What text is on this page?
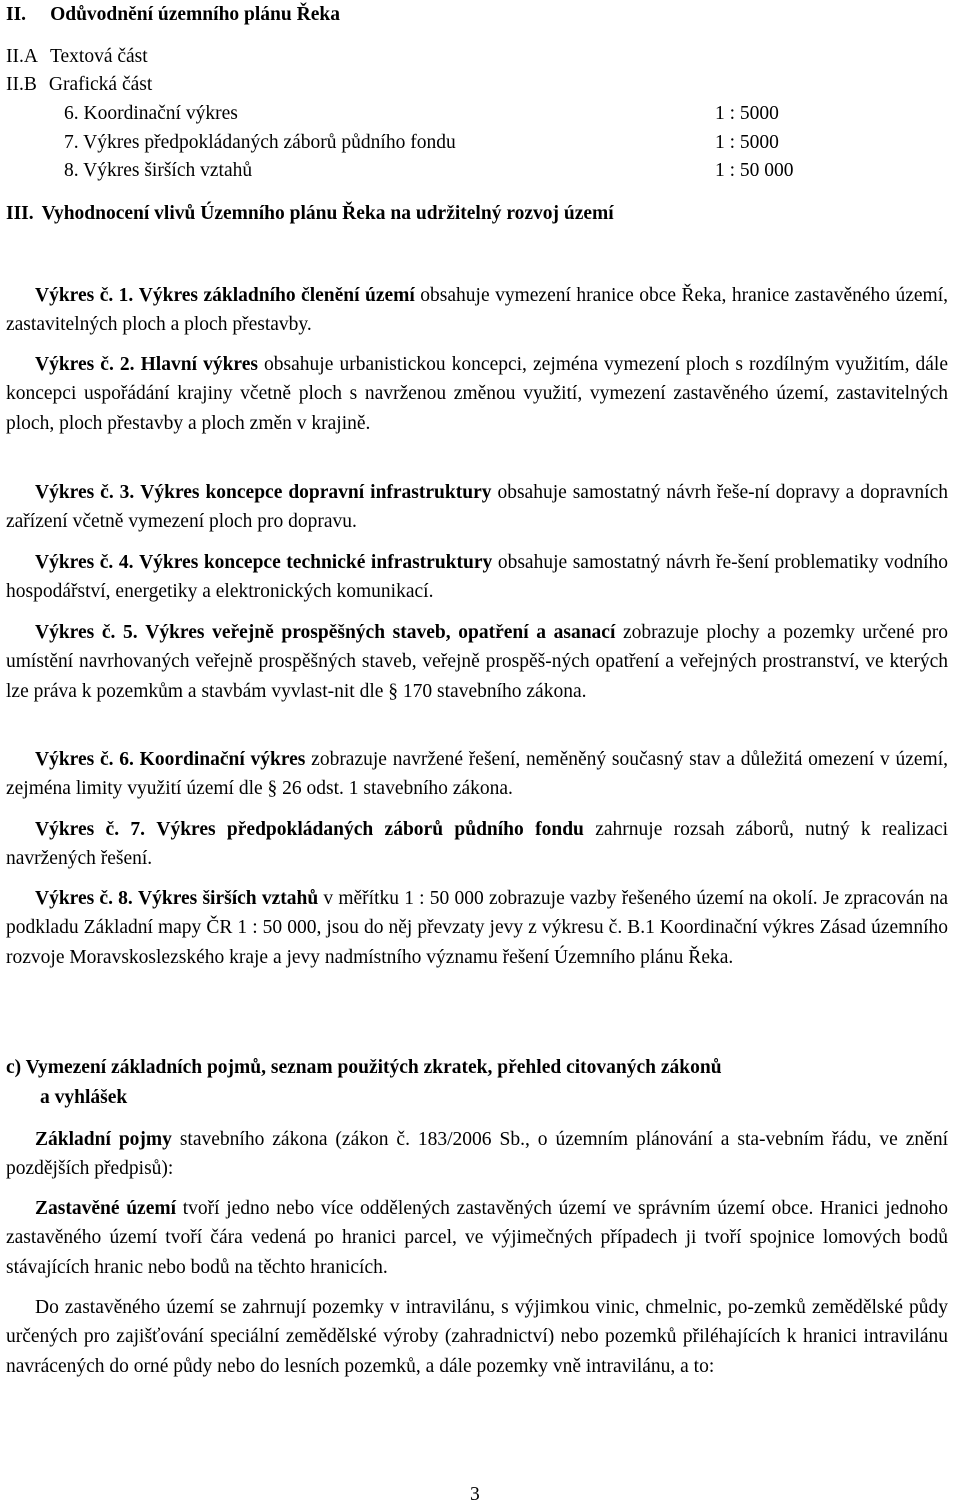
II. Odůvodnění územního plánu Řeka
II.A Textová část
II.B Grafická část
6. Koordinační výkres	1 : 5000
7. Výkres předpokládaných záborů půdního fondu	1 : 5000
8. Výkres širších vztahů	1 : 50 000
III. Vyhodnocení vlivů Územního plánu Řeka na udržitelný rozvoj území
Výkres č. 1. Výkres základního členění území obsahuje vymezení hranice obce Řeka, hranice zastavěného území, zastavitelných ploch a ploch přestavby.
Výkres č. 2. Hlavní výkres obsahuje urbanistickou koncepci, zejména vymezení ploch s rozdílným využitím, dále koncepci uspořádání krajiny včetně ploch s navrženou změnou využití, vymezení zastavěného území, zastavitelných ploch, ploch přestavby a ploch změn v krajině.
Výkres č. 3. Výkres koncepce dopravní infrastruktury obsahuje samostatný návrh řeše-ní dopravy a dopravních zařízení včetně vymezení ploch pro dopravu.
Výkres č. 4. Výkres koncepce technické infrastruktury obsahuje samostatný návrh ře-šení problematiky vodního hospodářství, energetiky a elektronických komunikací.
Výkres č. 5. Výkres veřejně prospěšných staveb, opatření a asanací zobrazuje plochy a pozemky určené pro umístění navrhovaných veřejně prospěšných staveb, veřejně prospěš-ných opatření a veřejných prostranství, ve kterých lze práva k pozemkům a stavbám vyvlast-nit dle § 170 stavebního zákona.
Výkres č. 6. Koordinační výkres zobrazuje navržené řešení, neměněný současný stav a důležitá omezení v území, zejména limity využití území dle § 26 odst. 1 stavebního zákona.
Výkres č. 7. Výkres předpokládaných záborů půdního fondu zahrnuje rozsah záborů, nutný k realizaci navržených řešení.
Výkres č. 8. Výkres širších vztahů v měřítku 1 : 50 000 zobrazuje vazby řešeného území na okolí. Je zpracován na podkladu Základní mapy ČR 1 : 50 000, jsou do něj převzaty jevy z výkresu č. B.1 Koordinační výkres Zásad územního rozvoje Moravskoslezského kraje a jevy nadmístního významu řešení Územního plánu Řeka.
c) Vymezení základních pojmů, seznam použitých zkratek, přehled citovaných zákonů
a vyhlášek
Základní pojmy stavebního zákona (zákon č. 183/2006 Sb., o územním plánování a sta-vebním řádu, ve znění pozdějších předpisů):
Zastavěné území tvoří jedno nebo více oddělených zastavěných území ve správním území obce. Hranici jednoho zastavěného území tvoří čára vedená po hranici parcel, ve výjimečných případech ji tvoří spojnice lomových bodů stávajících hranic nebo bodů na těchto hranicích.
Do zastavěného území se zahrnují pozemky v intravilánu, s výjimkou vinic, chmelnic, po-zemků zemědělské půdy určených pro zajišťování speciální zemědělské výroby (zahradnictví) nebo pozemků přiléhajících k hranici intravilánu navrácených do orné půdy nebo do lesních pozemků, a dále pozemky vně intravilánu, a to:
3
